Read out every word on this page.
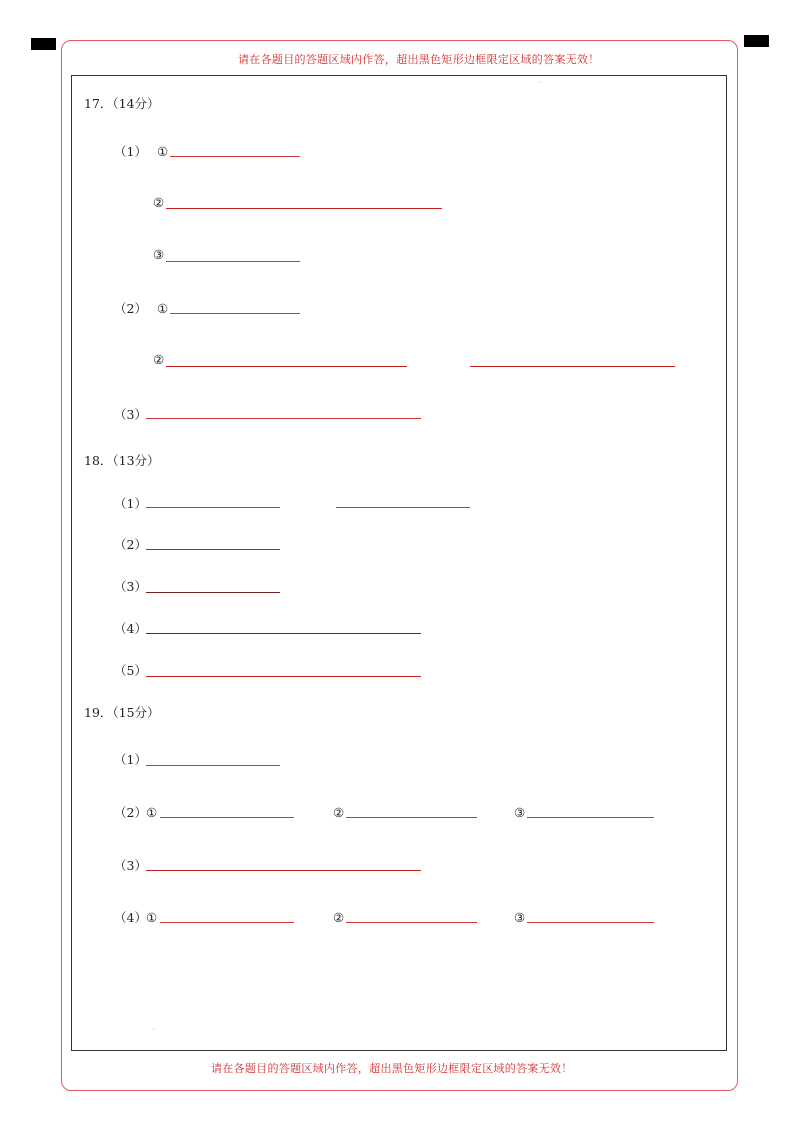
请在各题目的答题区域内作答，超出黑色矩形边框限定区域的答案无效！
请在各题目的答题区域内作答，超出黑色矩形边框限定区域的答案无效！
'
'
17．（14分）
（1） ①
②
③
（2） ①
②
（3）
18．（13分）
（1）
（2）
（3）
（4）
（5）
19．（15分）
（1）
（2） ①	②	③
（3）
（4） ①	②	③
